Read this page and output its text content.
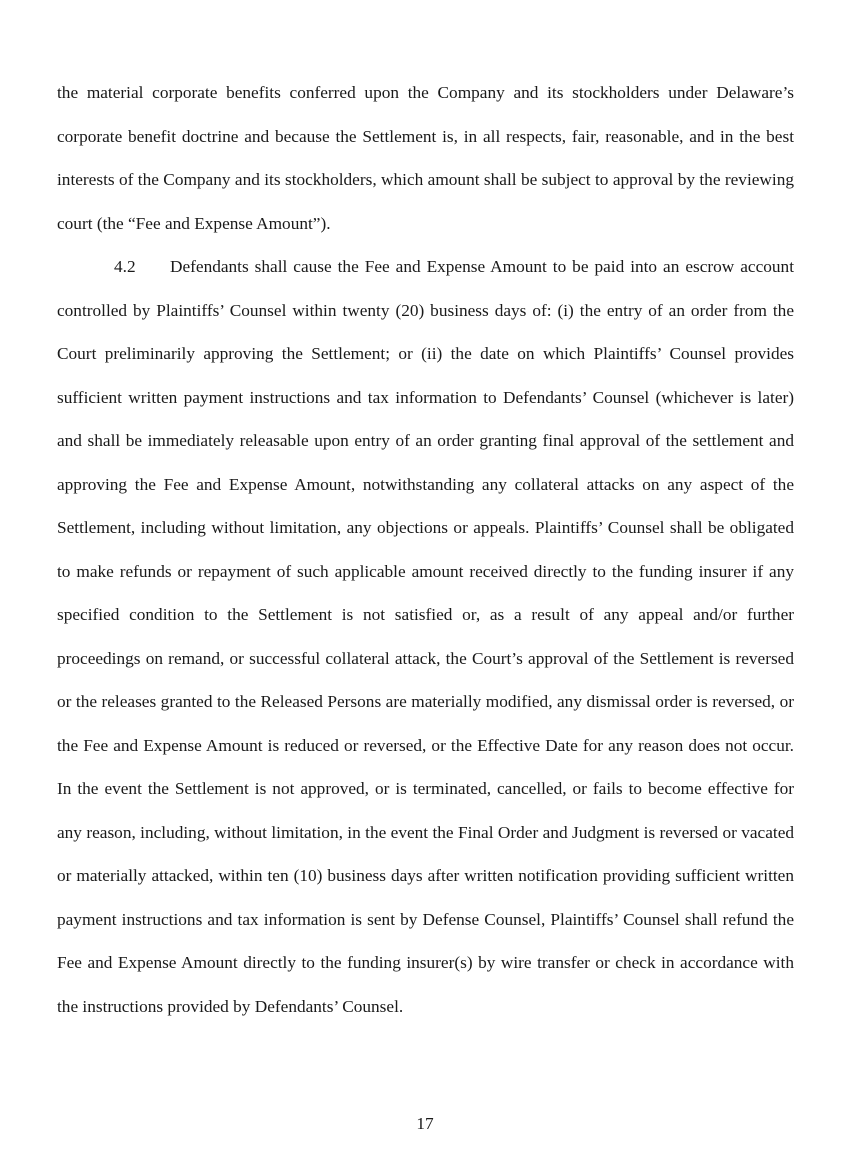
the material corporate benefits conferred upon the Company and its stockholders under Delaware’s corporate benefit doctrine and because the Settlement is, in all respects, fair, reasonable, and in the best interests of the Company and its stockholders, which amount shall be subject to approval by the reviewing court (the “Fee and Expense Amount”).

4.2 Defendants shall cause the Fee and Expense Amount to be paid into an escrow account controlled by Plaintiffs’ Counsel within twenty (20) business days of: (i) the entry of an order from the Court preliminarily approving the Settlement; or (ii) the date on which Plaintiffs’ Counsel provides sufficient written payment instructions and tax information to Defendants’ Counsel (whichever is later) and shall be immediately releasable upon entry of an order granting final approval of the settlement and approving the Fee and Expense Amount, notwithstanding any collateral attacks on any aspect of the Settlement, including without limitation, any objections or appeals. Plaintiffs’ Counsel shall be obligated to make refunds or repayment of such applicable amount received directly to the funding insurer if any specified condition to the Settlement is not satisfied or, as a result of any appeal and/or further proceedings on remand, or successful collateral attack, the Court’s approval of the Settlement is reversed or the releases granted to the Released Persons are materially modified, any dismissal order is reversed, or the Fee and Expense Amount is reduced or reversed, or the Effective Date for any reason does not occur. In the event the Settlement is not approved, or is terminated, cancelled, or fails to become effective for any reason, including, without limitation, in the event the Final Order and Judgment is reversed or vacated or materially attacked, within ten (10) business days after written notification providing sufficient written payment instructions and tax information is sent by Defense Counsel, Plaintiffs’ Counsel shall refund the Fee and Expense Amount directly to the funding insurer(s) by wire transfer or check in accordance with the instructions provided by Defendants’ Counsel.

17
